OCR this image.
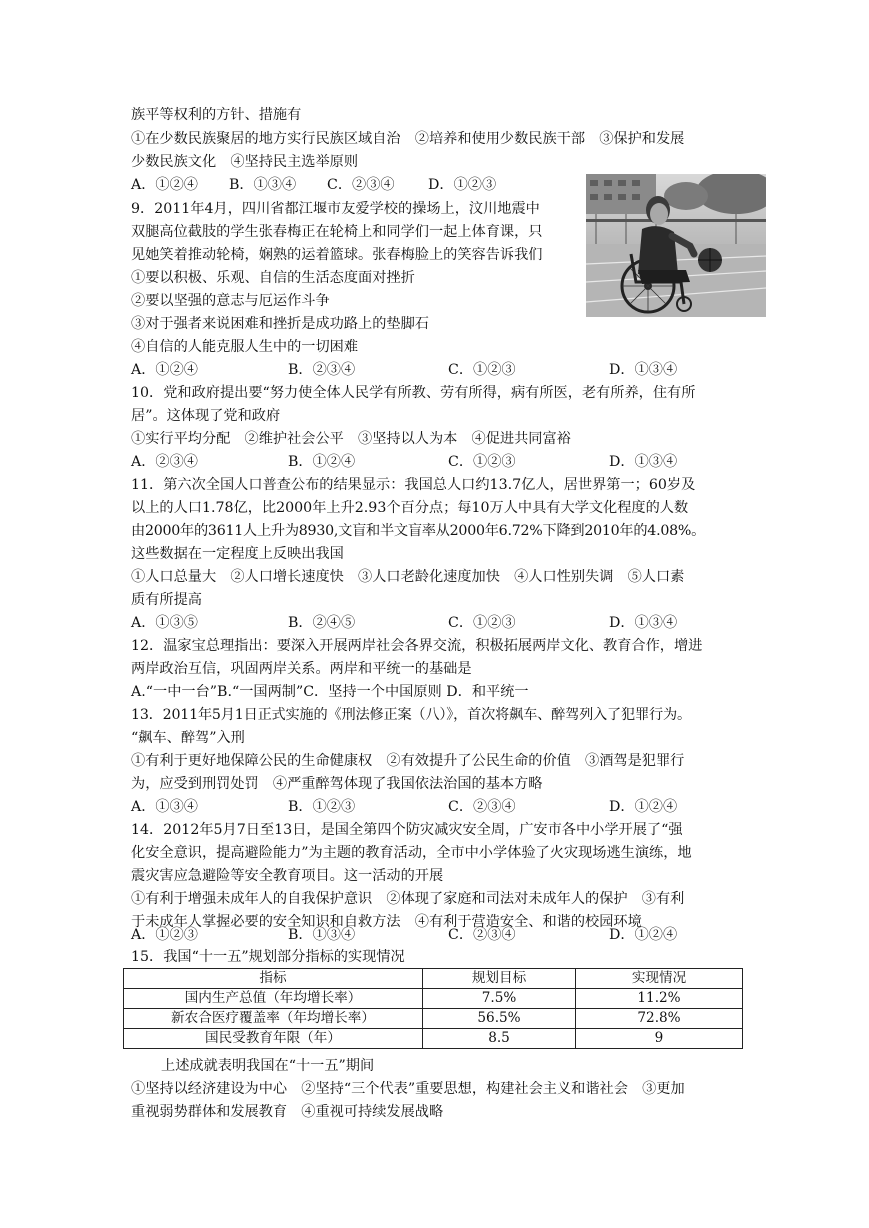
族平等权利的方针、措施有
①在少数民族聚居的地方实行民族区域自治　②培养和使用少数民族干部　③保护和发展
少数民族文化　④坚持民主选举原则
A．①②④ B．①③④ C．②③④ D．①②③
9．2011年4月，四川省都江堰市友爱学校的操场上，汶川地震中
双腿高位截肢的学生张春梅正在轮椅上和同学们一起上体育课，只
见她笑着推动轮椅，娴熟的运着篮球。张春梅脸上的笑容告诉我们
①要以积极、乐观、自信的生活态度面对挫折
②要以坚强的意志与厄运作斗争
③对于强者来说困难和挫折是成功路上的垫脚石
④自信的人能克服人生中的一切困难
A．①②④	B．②③④	C．①②③	D．①③④
10．党和政府提出要“努力使全体人民学有所教、劳有所得，病有所医，老有所养，住有所
居”。这体现了党和政府
①实行平均分配　②维护社会公平　③坚持以人为本　④促进共同富裕
A．②③④	B．①②④	C．①②③	D．①③④
11．第六次全国人口普查公布的结果显示：我国总人口约13.7亿人，居世界第一；60岁及
以上的人口1.78亿，比2000年上升2.93个百分点；每10万人中具有大学文化程度的人数
由2000年的3611人上升为8930,文盲和半文盲率从2000年6.72%下降到2010年的4.08%。
这些数据在一定程度上反映出我国
①人口总量大　②人口增长速度快　③人口老龄化速度加快　④人口性别失调　⑤人口素
质有所提高
A．①③⑤	B．②④⑤	C．①②③	D．①③④
12．温家宝总理指出：要深入开展两岸社会各界交流，积极拓展两岸文化、教育合作，增进
两岸政治互信，巩固两岸关系。两岸和平统一的基础是
A.“一中一台”B.“一国两制”C．坚持一个中国原则 D．和平统一
13．2011年5月1日正式实施的《刑法修正案（八）》，首次将飙车、醉驾列入了犯罪行为。
“飙车、醉驾”入刑
①有利于更好地保障公民的生命健康权　②有效提升了公民生命的价值　③酒驾是犯罪行
为，应受到刑罚处罚　④严重醉驾体现了我国依法治国的基本方略
A．①③④	B．①②③	C．②③④	D．①②④
14．2012年5月7日至13日，是国全第四个防灾减灾安全周，广安市各中小学开展了“强
化安全意识，提高避险能力”为主题的教育活动，全市中小学体验了火灾现场逃生演练，地
震灾害应急避险等安全教育项目。这一活动的开展
①有利于增强未成年人的自我保护意识　②体现了家庭和司法对未成年人的保护　③有利
于未成年人掌握必要的安全知识和自救方法　④有利于营造安全、和谐的校园环境
A．①②③	B．①③④	C．②③④	D．①②④
15．我国“十一五”规划部分指标的实现情况
指标	规划目标	实现情况
国内生产总值（年均增长率）	7.5%	11.2%
新农合医疗覆盖率（年均增长率）	56.5%	72.8%
国民受教育年限（年）	8.5	9
上述成就表明我国在“十一五”期间
①坚持以经济建设为中心　②坚持“三个代表”重要思想，构建社会主义和谐社会　③更加
重视弱势群体和发展教育　④重视可持续发展战略
